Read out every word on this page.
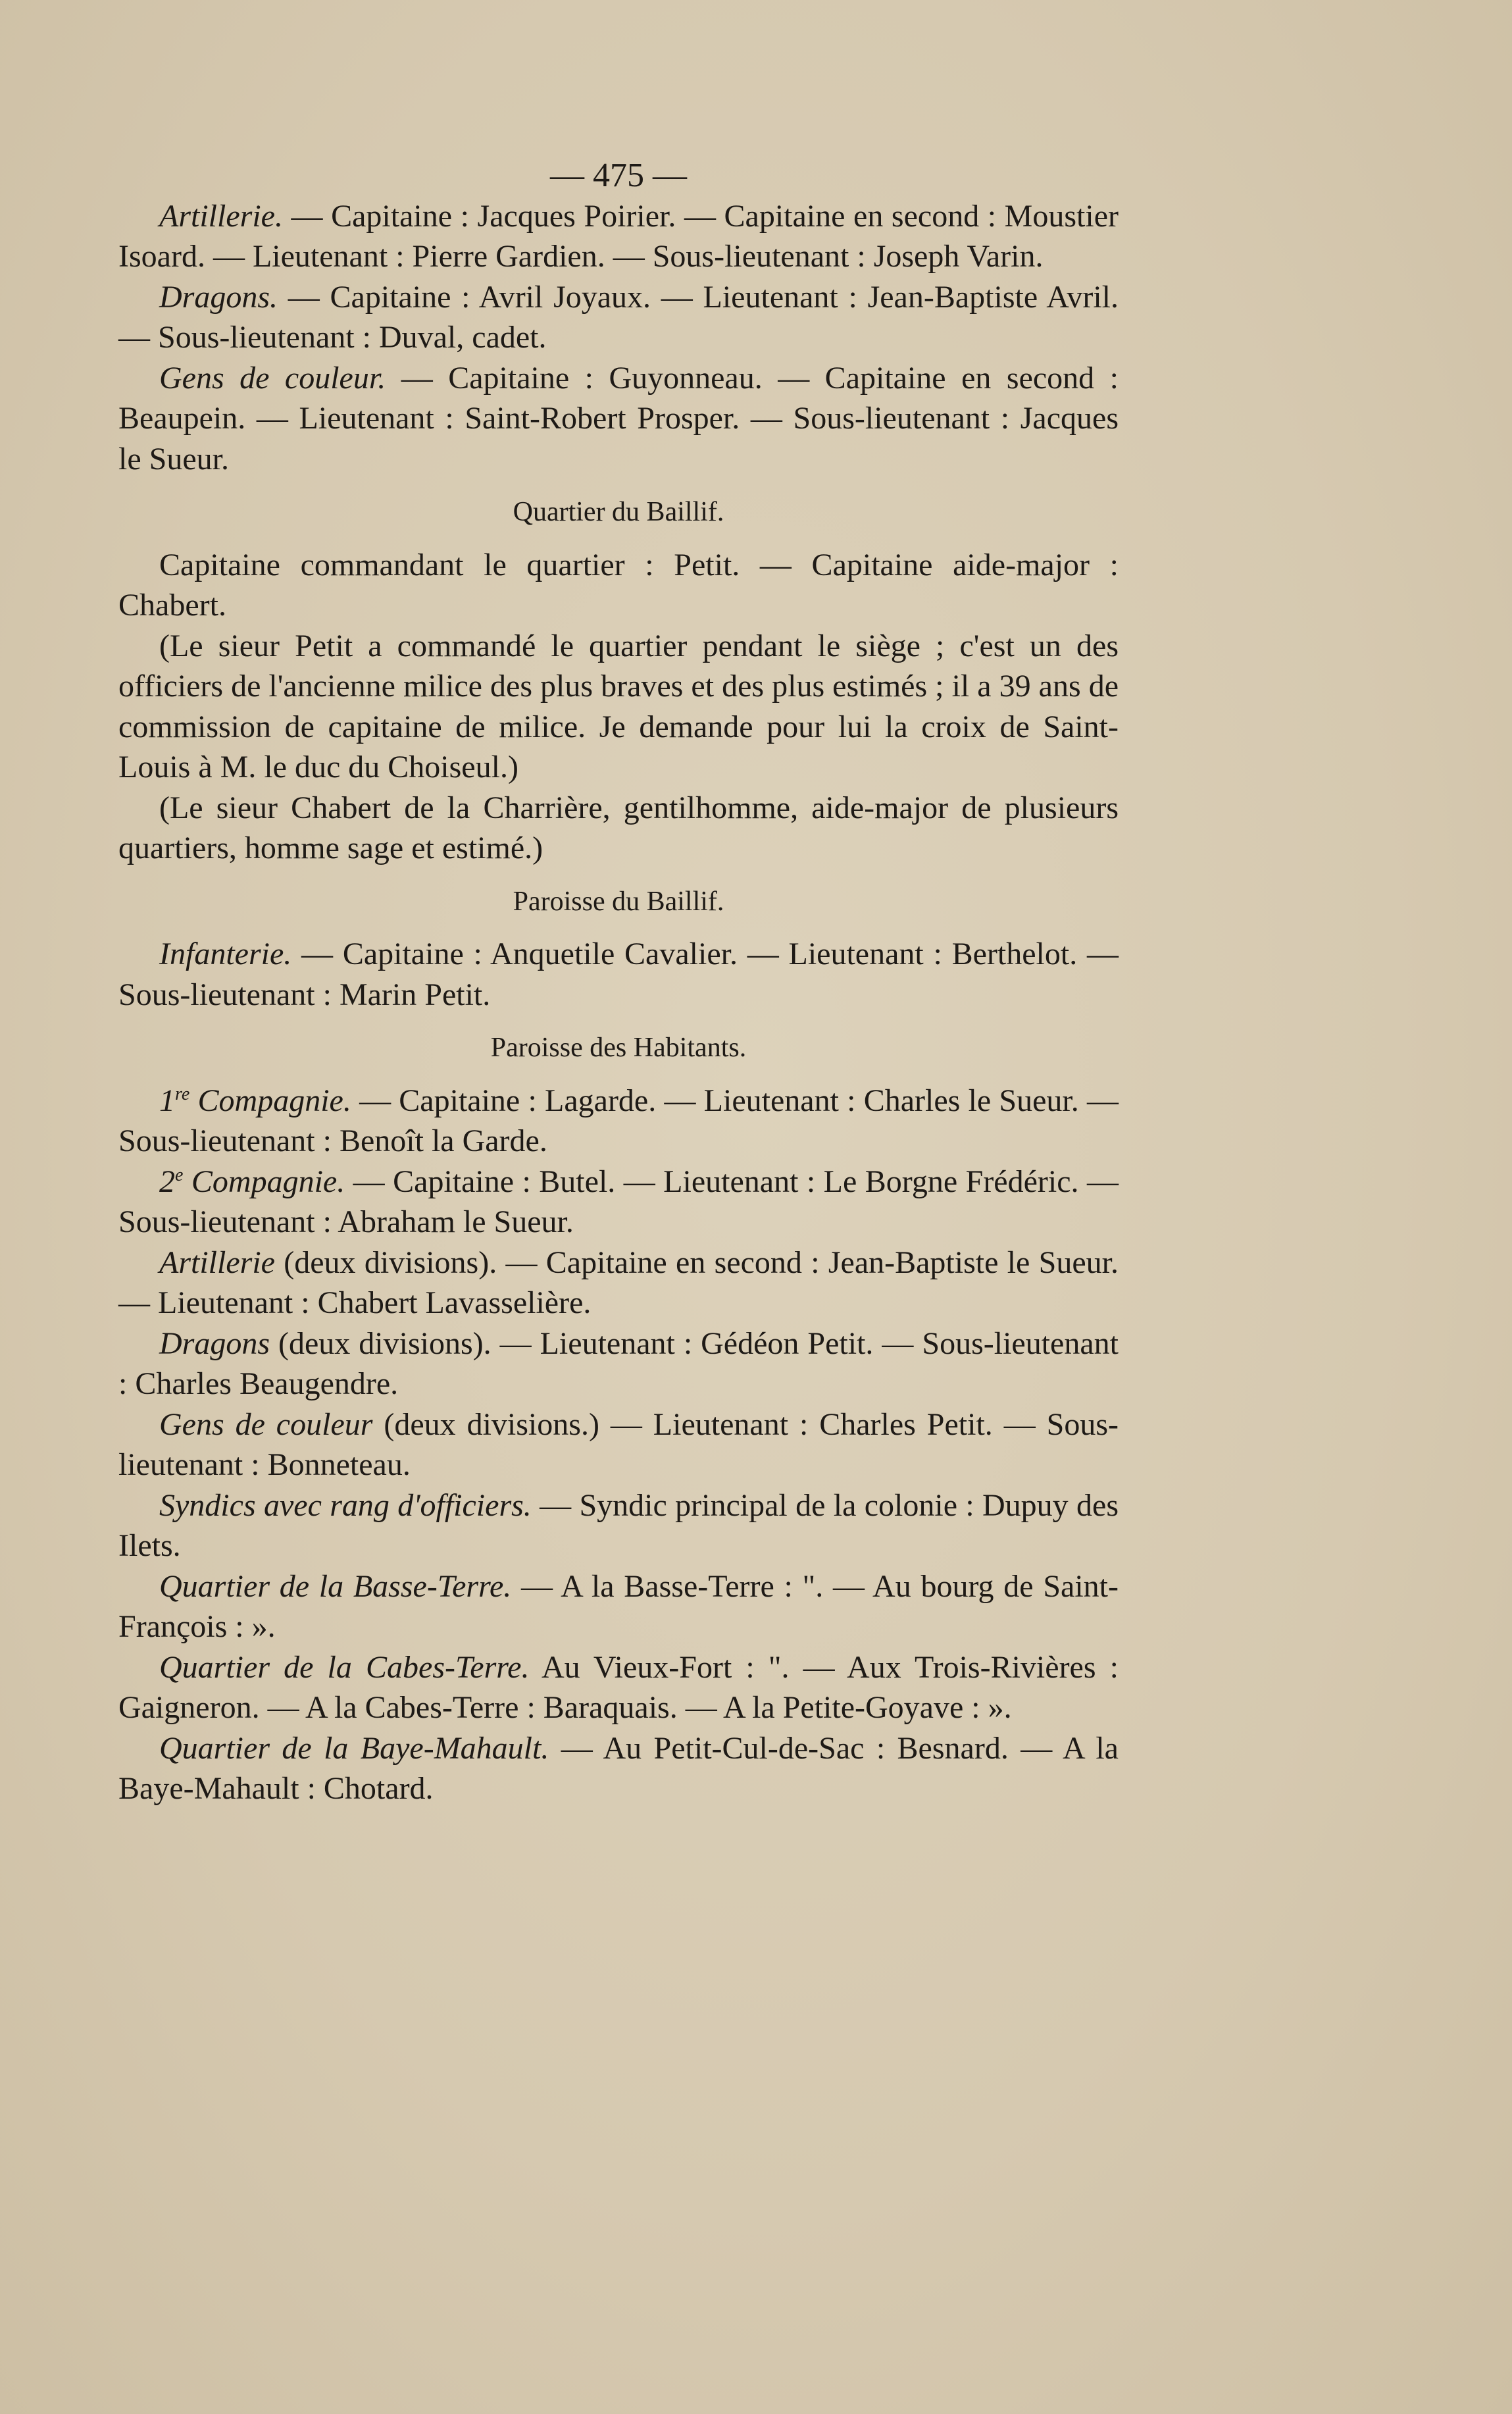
— 475 —

Artillerie. — Capitaine : Jacques Poirier. — Capitaine en second : Moustier Isoard. — Lieutenant : Pierre Gardien. — Sous-lieutenant : Joseph Varin.

Dragons. — Capitaine : Avril Joyaux. — Lieutenant : Jean-Baptiste Avril. — Sous-lieutenant : Duval, cadet.

Gens de couleur. — Capitaine : Guyonneau. — Capitaine en second : Beaupein. — Lieutenant : Saint-Robert Prosper. — Sous-lieutenant : Jacques le Sueur.

Quartier du Baillif.

Capitaine commandant le quartier : Petit. — Capitaine aide-major : Chabert.

(Le sieur Petit a commandé le quartier pendant le siège ; c'est un des officiers de l'ancienne milice des plus braves et des plus estimés ; il a 39 ans de commission de capitaine de milice. Je demande pour lui la croix de Saint-Louis à M. le duc du Choiseul.)

(Le sieur Chabert de la Charrière, gentilhomme, aide-major de plusieurs quartiers, homme sage et estimé.)

Paroisse du Baillif.

Infanterie. — Capitaine : Anquetile Cavalier. — Lieutenant : Berthelot. — Sous-lieutenant : Marin Petit.

Paroisse des Habitants.

1re Compagnie. — Capitaine : Lagarde. — Lieutenant : Charles le Sueur. — Sous-lieutenant : Benoît la Garde.

2e Compagnie. — Capitaine : Butel. — Lieutenant : Le Borgne Frédéric. — Sous-lieutenant : Abraham le Sueur.

Artillerie (deux divisions). — Capitaine en second : Jean-Baptiste le Sueur. — Lieutenant : Chabert Lavasselière.

Dragons (deux divisions). — Lieutenant : Gédéon Petit. — Sous-lieutenant : Charles Beaugendre.

Gens de couleur (deux divisions.) — Lieutenant : Charles Petit. — Sous-lieutenant : Bonneteau.

Syndics avec rang d'officiers. — Syndic principal de la colonie : Dupuy des Ilets.

Quartier de la Basse-Terre. — A la Basse-Terre : ". — Au bourg de Saint-François : ».

Quartier de la Cabes-Terre. Au Vieux-Fort : ". — Aux Trois-Rivières : Gaigneron. — A la Cabes-Terre : Baraquais. — A la Petite-Goyave : ».

Quartier de la Baye-Mahault. — Au Petit-Cul-de-Sac : Besnard. — A la Baye-Mahault : Chotard.
